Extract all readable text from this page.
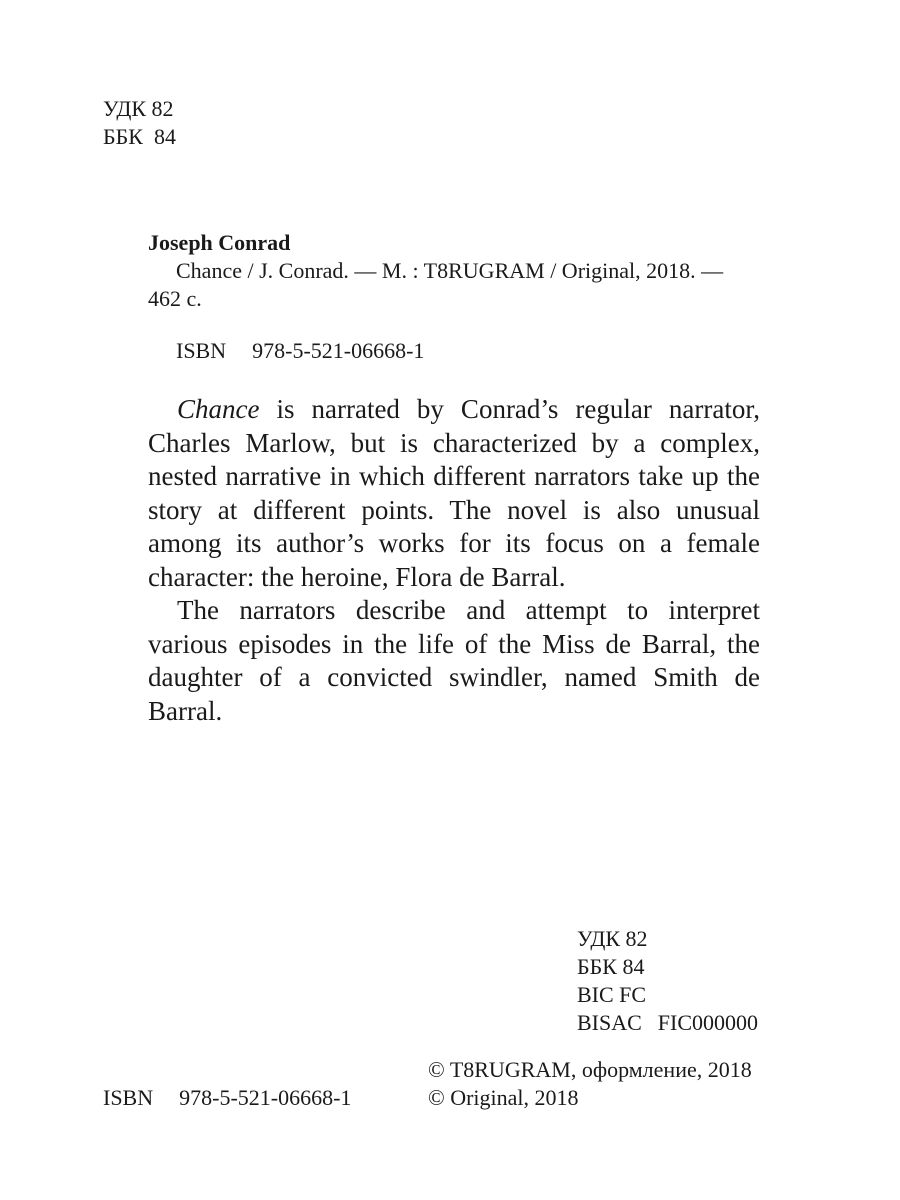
УДК 82
ББК  84
Joseph Conrad
Chance / J. Conrad. — M. : T8RUGRAM / Original, 2018. —
462 с.
ISBN 978-5-521-06668-1

Chance is narrated by Conrad’s regular narrator, Charles Marlow, but is characterized by a complex, nested narrative in which different narrators take up the story at different points. The novel is also unusual among its author’s works for its focus on a female character: the heroine, Flora de Barral.

The narrators describe and attempt to interpret various episodes in the life of the Miss de Barral, the daughter of a convicted swindler, named Smith de Barral.

УДК 82
ББК 84
BIC FC
BISAC FIC000000
ISBN 978-5-521-06668-1
© T8RUGRAM, оформление, 2018
© Original, 2018
